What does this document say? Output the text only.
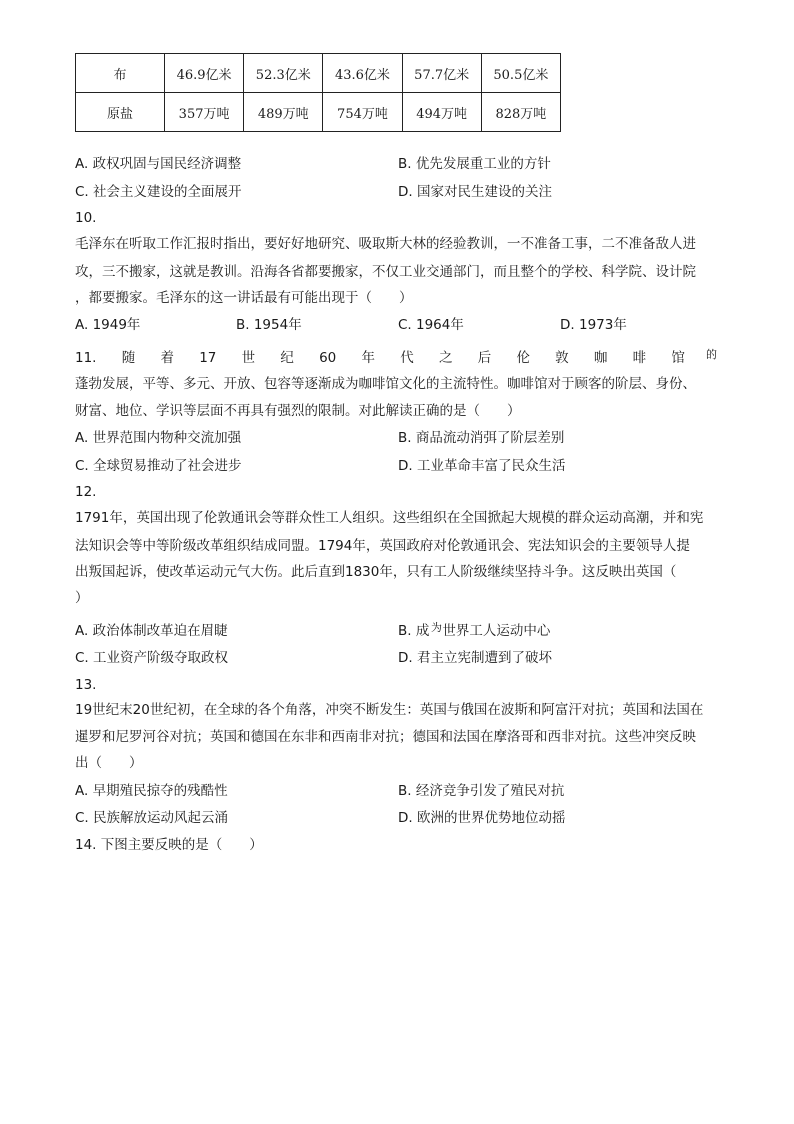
布	46.9亿米	52.3亿米	43.6亿米	57.7亿米	50.5亿米
原盐	357万吨	489万吨	754万吨	494万吨	828万吨
A. 政权巩固与国民经济调整	B. 优先发展重工业的方针
C. 社会主义建设的全面展开	D. 国家对民生建设的关注
10.
毛泽东在听取工作汇报时指出，要好好地研究、吸取斯大林的经验教训，一不准备工事，二不准备敌人进
攻，三不搬家，这就是教训。沿海各省都要搬家，不仅工业交通部门，而且整个的学校、科学院、设计院
，都要搬家。毛泽东的这一讲话最有可能出现于（　　）
A. 1949年	B. 1954年	C. 1964年	D. 1973年
11. 随 着 17 世 纪 60 年 代 之 后 伦 敦 咖 啡 馆 的
蓬勃发展，平等、多元、开放、包容等逐渐成为咖啡馆文化的主流特性。咖啡馆对于顾客的阶层、身份、
财富、地位、学识等层面不再具有强烈的限制。对此解读正确的是（　　）
A. 世界范围内物种交流加强	B. 商品流动消弭了阶层差别
C. 全球贸易推动了社会进步	D. 工业革命丰富了民众生活
12.
1791年，英国出现了伦敦通讯会等群众性工人组织。这些组织在全国掀起大规模的群众运动高潮，并和宪
法知识会等中等阶级改革组织结成同盟。1794年，英国政府对伦敦通讯会、宪法知识会的主要领导人提
出叛国起诉，使改革运动元气大伤。此后直到1830年，只有工人阶级继续坚持斗争。这反映出英国（
）
A. 政治体制改革迫在眉睫	B. 成 世界工人运动中心
为
C. 工业资产阶级夺取政权	D. 君主立宪制遭到了破坏
13.
19世纪末20世纪初，在全球的各个角落，冲突不断发生：英国与俄国在波斯和阿富汗对抗；英国和法国在
暹罗和尼罗河谷对抗；英国和德国在东非和西南非对抗；德国和法国在摩洛哥和西非对抗。这些冲突反映
出（　　）
A. 早期殖民掠夺的残酷性	B. 经济竞争引发了殖民对抗
C. 民族解放运动风起云涌	D. 欧洲的世界优势地位动摇
14. 下图主要反映的是（　　）
